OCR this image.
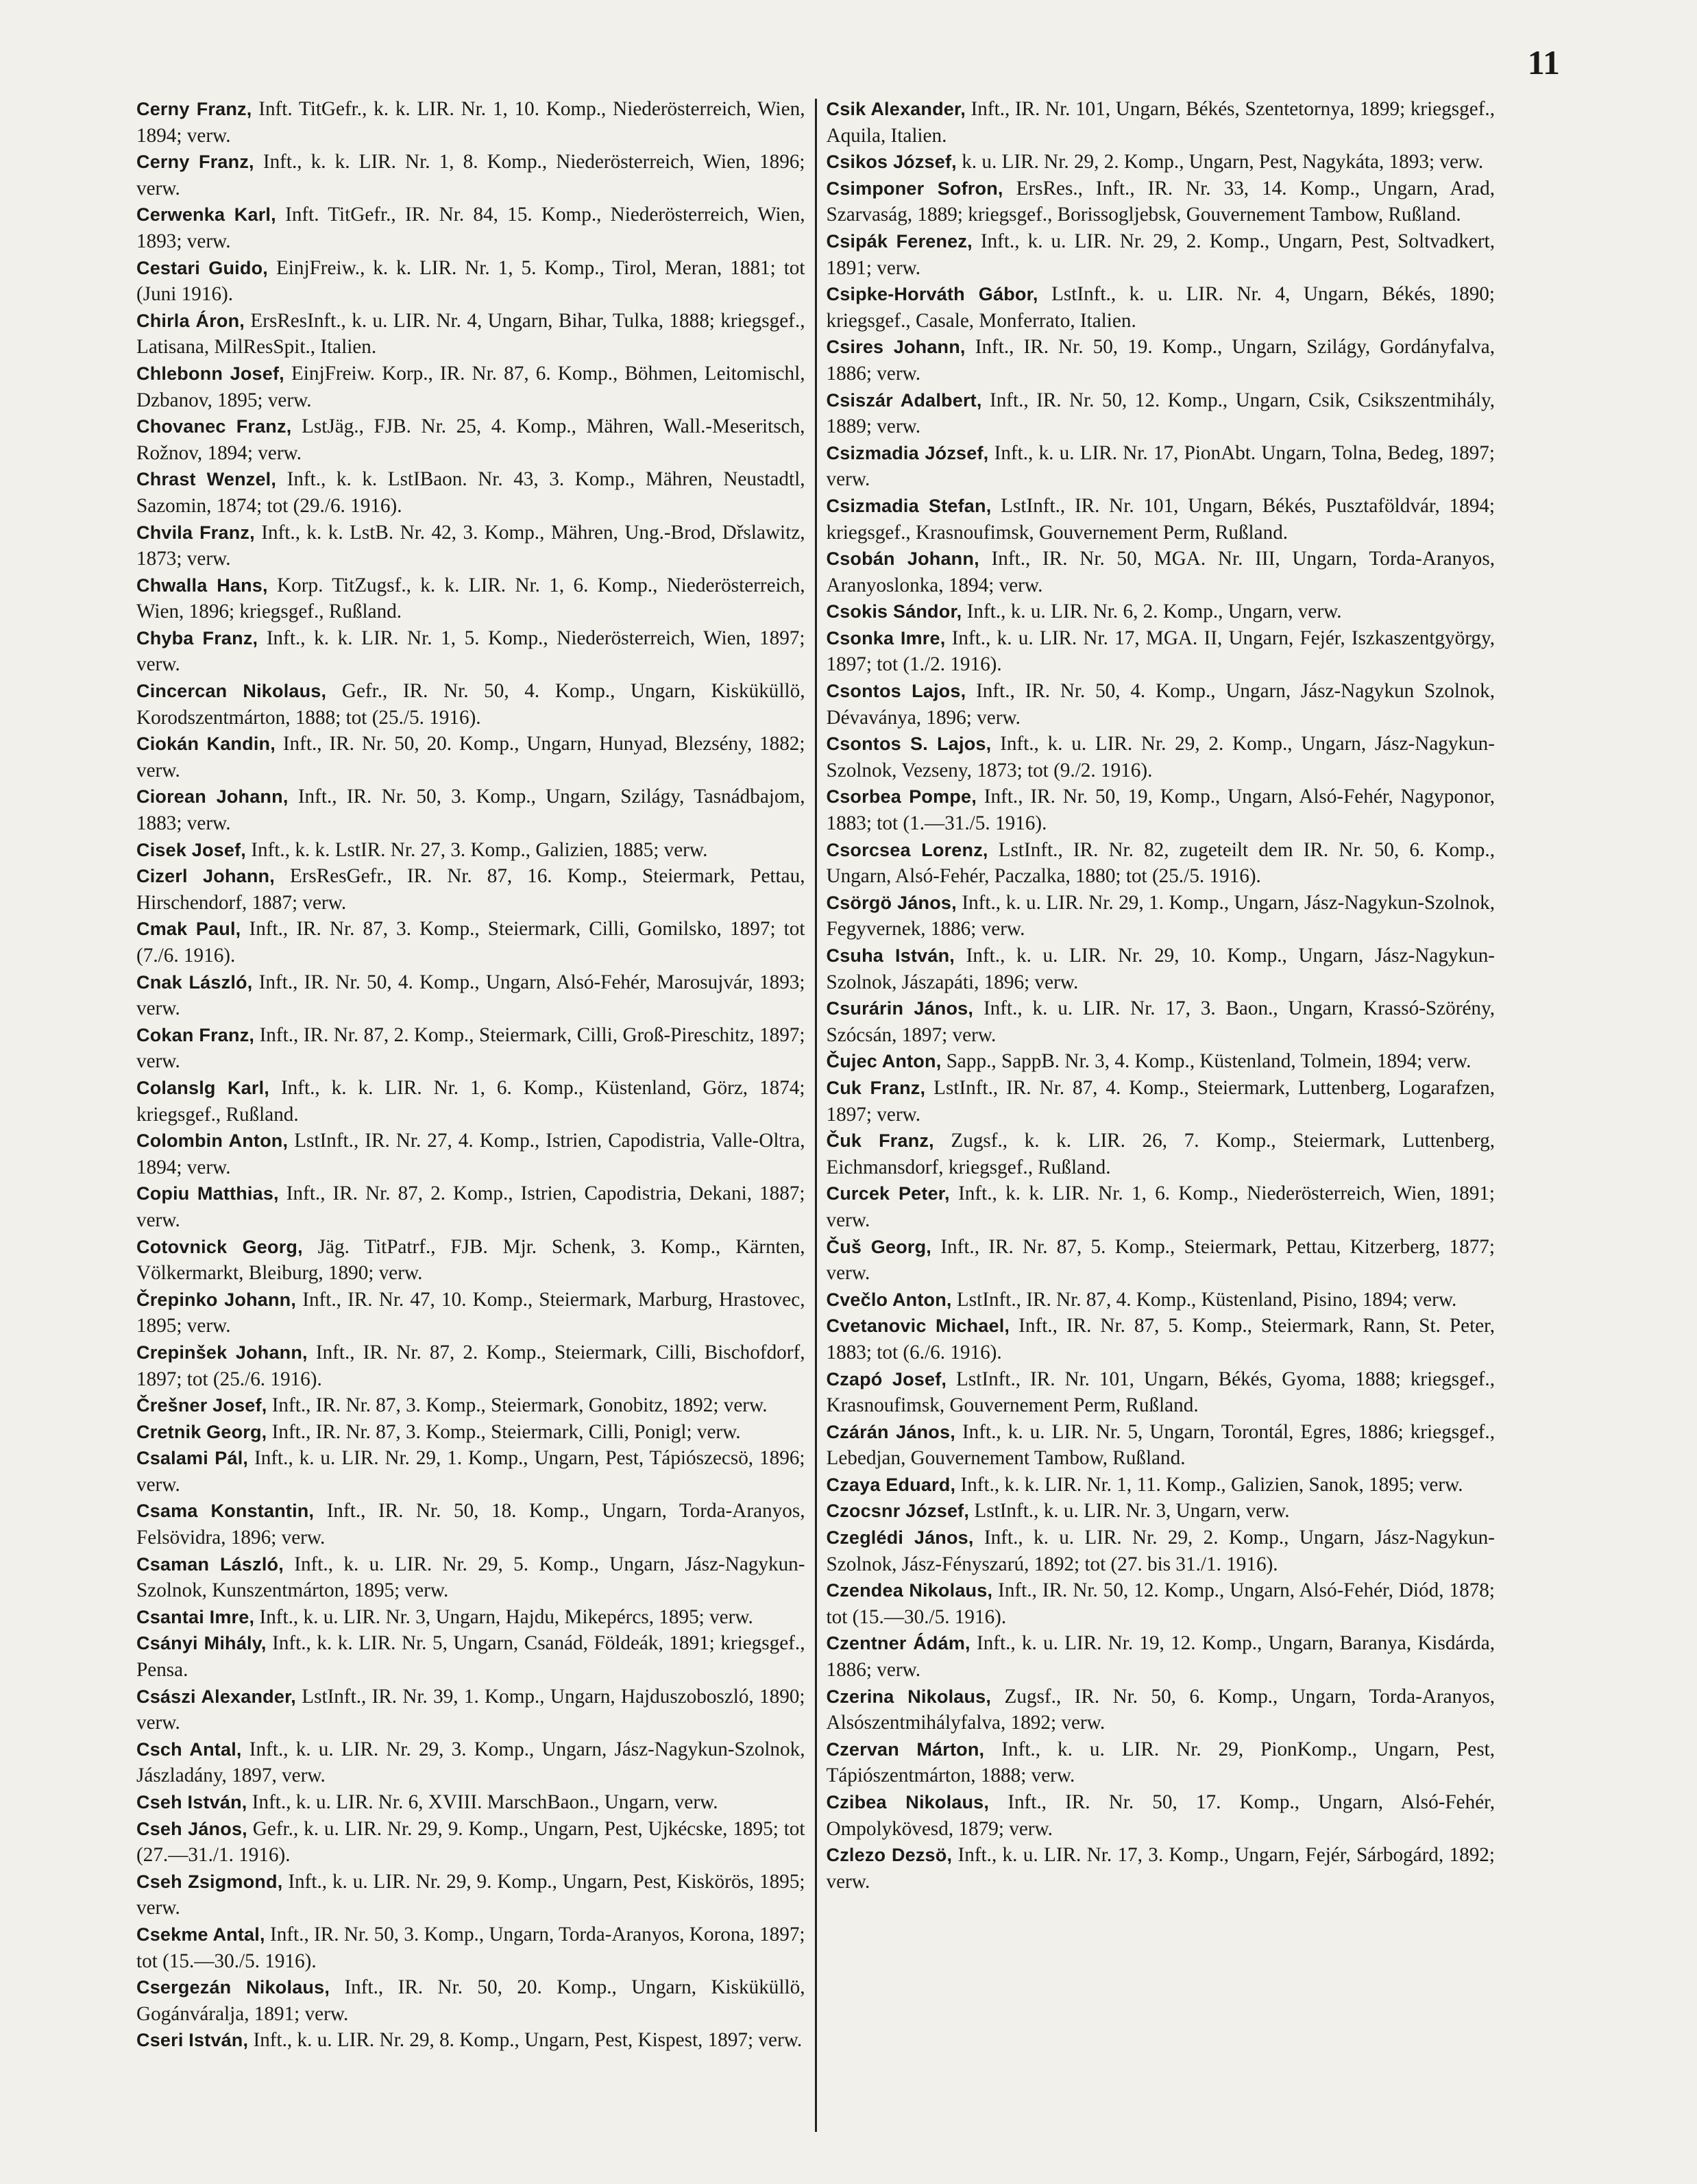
11

Cerny Franz, Inft. TitGefr., k. k. LIR. Nr. 1, 10. Komp., Niederösterreich, Wien, 1894; verw.

Cerny Franz, Inft., k. k. LIR. Nr. 1, 8. Komp., Niederösterreich, Wien, 1896; verw.

Cerwenka Karl, Inft. TitGefr., IR. Nr. 84, 15. Komp., Niederösterreich, Wien, 1893; verw.

Cestari Guido, EinjFreiw., k. k. LIR. Nr. 1, 5. Komp., Tirol, Meran, 1881; tot (Juni 1916).

Chirla Áron, ErsResInft., k. u. LIR. Nr. 4, Ungarn, Bihar, Tulka, 1888; kriegsgef., Latisana, MilResSpit., Italien.

Chlebonn Josef, EinjFreiw. Korp., IR. Nr. 87, 6. Komp., Böhmen, Leitomischl, Dzbanov, 1895; verw.

Chovanec Franz, LstJäg., FJB. Nr. 25, 4. Komp., Mähren, Wall.-Meseritsch, Rožnov, 1894; verw.

Chrast Wenzel, Inft., k. k. LstIBaon. Nr. 43, 3. Komp., Mähren, Neustadtl, Sazomin, 1874; tot (29./6. 1916).

Chvila Franz, Inft., k. k. LstB. Nr. 42, 3. Komp., Mähren, Ung.-Brod, Dřslawitz, 1873; verw.

Chwalla Hans, Korp. TitZugsf., k. k. LIR. Nr. 1, 6. Komp., Niederösterreich, Wien, 1896; kriegsgef., Rußland.

Chyba Franz, Inft., k. k. LIR. Nr. 1, 5. Komp., Niederösterreich, Wien, 1897; verw.

Cincercan Nikolaus, Gefr., IR. Nr. 50, 4. Komp., Ungarn, Kisküküllö, Korodszentmárton, 1888; tot (25./5. 1916).

Ciokán Kandin, Inft., IR. Nr. 50, 20. Komp., Ungarn, Hunyad, Blezsény, 1882; verw.

Ciorean Johann, Inft., IR. Nr. 50, 3. Komp., Ungarn, Szilágy, Tasnádbajom, 1883; verw.

Cisek Josef, Inft., k. k. LstIR. Nr. 27, 3. Komp., Galizien, 1885; verw.

Cizerl Johann, ErsResGefr., IR. Nr. 87, 16. Komp., Steiermark, Pettau, Hirschendorf, 1887; verw.

Cmak Paul, Inft., IR. Nr. 87, 3. Komp., Steiermark, Cilli, Gomilsko, 1897; tot (7./6. 1916).

Cnak László, Inft., IR. Nr. 50, 4. Komp., Ungarn, Alsó-Fehér, Marosujvár, 1893; verw.

Cokan Franz, Inft., IR. Nr. 87, 2. Komp., Steiermark, Cilli, Groß-Pireschitz, 1897; verw.

Colanslg Karl, Inft., k. k. LIR. Nr. 1, 6. Komp., Küstenland, Görz, 1874; kriegsgef., Rußland.

Colombin Anton, LstInft., IR. Nr. 27, 4. Komp., Istrien, Capodistria, Valle-Oltra, 1894; verw.

Copiu Matthias, Inft., IR. Nr. 87, 2. Komp., Istrien, Capodistria, Dekani, 1887; verw.

Cotovnick Georg, Jäg. TitPatrf., FJB. Mjr. Schenk, 3. Komp., Kärnten, Völkermarkt, Bleiburg, 1890; verw.

Črepinko Johann, Inft., IR. Nr. 47, 10. Komp., Steiermark, Marburg, Hrastovec, 1895; verw.

Crepinšek Johann, Inft., IR. Nr. 87, 2. Komp., Steiermark, Cilli, Bischofdorf, 1897; tot (25./6. 1916).

Črešner Josef, Inft., IR. Nr. 87, 3. Komp., Steiermark, Gonobitz, 1892; verw.

Cretnik Georg, Inft., IR. Nr. 87, 3. Komp., Steiermark, Cilli, Ponigl; verw.

Csalami Pál, Inft., k. u. LIR. Nr. 29, 1. Komp., Ungarn, Pest, Tápiószecsö, 1896; verw.

Csama Konstantin, Inft., IR. Nr. 50, 18. Komp., Ungarn, Torda-Aranyos, Felsövidra, 1896; verw.

Csaman László, Inft., k. u. LIR. Nr. 29, 5. Komp., Ungarn, Jász-Nagykun-Szolnok, Kunszentmárton, 1895; verw.

Csantai Imre, Inft., k. u. LIR. Nr. 3, Ungarn, Hajdu, Mikepércs, 1895; verw.

Csányi Mihály, Inft., k. k. LIR. Nr. 5, Ungarn, Csanád, Földeák, 1891; kriegsgef., Pensa.

Császi Alexander, LstInft., IR. Nr. 39, 1. Komp., Ungarn, Hajduszoboszló, 1890; verw.

Csch Antal, Inft., k. u. LIR. Nr. 29, 3. Komp., Ungarn, Jász-Nagykun-Szolnok, Jászladány, 1897, verw.

Cseh István, Inft., k. u. LIR. Nr. 6, XVIII. MarschBaon., Ungarn, verw.

Cseh János, Gefr., k. u. LIR. Nr. 29, 9. Komp., Ungarn, Pest, Ujkécske, 1895; tot (27.—31./1. 1916).

Cseh Zsigmond, Inft., k. u. LIR. Nr. 29, 9. Komp., Ungarn, Pest, Kiskörös, 1895; verw.

Csekme Antal, Inft., IR. Nr. 50, 3. Komp., Ungarn, Torda-Aranyos, Korona, 1897; tot (15.—30./5. 1916).

Csergezán Nikolaus, Inft., IR. Nr. 50, 20. Komp., Ungarn, Kisküküllö, Gogánváralja, 1891; verw.

Cseri István, Inft., k. u. LIR. Nr. 29, 8. Komp., Ungarn, Pest, Kispest, 1897; verw.

Csik Alexander, Inft., IR. Nr. 101, Ungarn, Békés, Szentetornya, 1899; kriegsgef., Aquila, Italien.

Csikos József, k. u. LIR. Nr. 29, 2. Komp., Ungarn, Pest, Nagykáta, 1893; verw.

Csimponer Sofron, ErsRes., Inft., IR. Nr. 33, 14. Komp., Ungarn, Arad, Szarvaság, 1889; kriegsgef., Borissogljebsk, Gouvernement Tambow, Rußland.

Csipák Ferenez, Inft., k. u. LIR. Nr. 29, 2. Komp., Ungarn, Pest, Soltvadkert, 1891; verw.

Csipke-Horváth Gábor, LstInft., k. u. LIR. Nr. 4, Ungarn, Békés, 1890; kriegsgef., Casale, Monferrato, Italien.

Csires Johann, Inft., IR. Nr. 50, 19. Komp., Ungarn, Szilágy, Gordányfalva, 1886; verw.

Csiszár Adalbert, Inft., IR. Nr. 50, 12. Komp., Ungarn, Csik, Csikszentmihály, 1889; verw.

Csizmadia József, Inft., k. u. LIR. Nr. 17, PionAbt. Ungarn, Tolna, Bedeg, 1897; verw.

Csizmadia Stefan, LstInft., IR. Nr. 101, Ungarn, Békés, Pusztaföldvár, 1894; kriegsgef., Krasnoufimsk, Gouvernement Perm, Rußland.

Csobán Johann, Inft., IR. Nr. 50, MGA. Nr. III, Ungarn, Torda-Aranyos, Aranyoslonka, 1894; verw.

Csokis Sándor, Inft., k. u. LIR. Nr. 6, 2. Komp., Ungarn, verw.

Csonka Imre, Inft., k. u. LIR. Nr. 17, MGA. II, Ungarn, Fejér, Iszkaszentgyörgy, 1897; tot (1./2. 1916).

Csontos Lajos, Inft., IR. Nr. 50, 4. Komp., Ungarn, Jász-Nagykun Szolnok, Dévaványa, 1896; verw.

Csontos S. Lajos, Inft., k. u. LIR. Nr. 29, 2. Komp., Ungarn, Jász-Nagykun-Szolnok, Vezseny, 1873; tot (9./2. 1916).

Csorbea Pompe, Inft., IR. Nr. 50, 19, Komp., Ungarn, Alsó-Fehér, Nagyponor, 1883; tot (1.—31./5. 1916).

Csorcsea Lorenz, LstInft., IR. Nr. 82, zugeteilt dem IR. Nr. 50, 6. Komp., Ungarn, Alsó-Fehér, Paczalka, 1880; tot (25./5. 1916).

Csörgö János, Inft., k. u. LIR. Nr. 29, 1. Komp., Ungarn, Jász-Nagykun-Szolnok, Fegyvernek, 1886; verw.

Csuha István, Inft., k. u. LIR. Nr. 29, 10. Komp., Ungarn, Jász-Nagykun-Szolnok, Jászapáti, 1896; verw.

Csurárin János, Inft., k. u. LIR. Nr. 17, 3. Baon., Ungarn, Krassó-Szörény, Szócsán, 1897; verw.

Čujec Anton, Sapp., SappB. Nr. 3, 4. Komp., Küstenland, Tolmein, 1894; verw.

Cuk Franz, LstInft., IR. Nr. 87, 4. Komp., Steiermark, Luttenberg, Logarafzen, 1897; verw.

Čuk Franz, Zugsf., k. k. LIR. 26, 7. Komp., Steiermark, Luttenberg, Eichmansdorf, kriegsgef., Rußland.

Curcek Peter, Inft., k. k. LIR. Nr. 1, 6. Komp., Niederösterreich, Wien, 1891; verw.

Čuš Georg, Inft., IR. Nr. 87, 5. Komp., Steiermark, Pettau, Kitzerberg, 1877; verw.

Cvečlo Anton, LstInft., IR. Nr. 87, 4. Komp., Küstenland, Pisino, 1894; verw.

Cvetanovic Michael, Inft., IR. Nr. 87, 5. Komp., Steiermark, Rann, St. Peter, 1883; tot (6./6. 1916).

Czapó Josef, LstInft., IR. Nr. 101, Ungarn, Békés, Gyoma, 1888; kriegsgef., Krasnoufimsk, Gouvernement Perm, Rußland.

Czárán János, Inft., k. u. LIR. Nr. 5, Ungarn, Torontál, Egres, 1886; kriegsgef., Lebedjan, Gouvernement Tambow, Rußland.

Czaya Eduard, Inft., k. k. LIR. Nr. 1, 11. Komp., Galizien, Sanok, 1895; verw.

Czocsnr József, LstInft., k. u. LIR. Nr. 3, Ungarn, verw.

Czeglédi János, Inft., k. u. LIR. Nr. 29, 2. Komp., Ungarn, Jász-Nagykun-Szolnok, Jász-Fényszarú, 1892; tot (27. bis 31./1. 1916).

Czendea Nikolaus, Inft., IR. Nr. 50, 12. Komp., Ungarn, Alsó-Fehér, Diód, 1878; tot (15.—30./5. 1916).

Czentner Ádám, Inft., k. u. LIR. Nr. 19, 12. Komp., Ungarn, Baranya, Kisdárda, 1886; verw.

Czerina Nikolaus, Zugsf., IR. Nr. 50, 6. Komp., Ungarn, Torda-Aranyos, Alsószentmihályfalva, 1892; verw.

Czervan Márton, Inft., k. u. LIR. Nr. 29, PionKomp., Ungarn, Pest, Tápiószentmárton, 1888; verw.

Czibea Nikolaus, Inft., IR. Nr. 50, 17. Komp., Ungarn, Alsó-Fehér, Ompolykövesd, 1879; verw.

Czlezo Dezsö, Inft., k. u. LIR. Nr. 17, 3. Komp., Ungarn, Fejér, Sárbogárd, 1892; verw.
